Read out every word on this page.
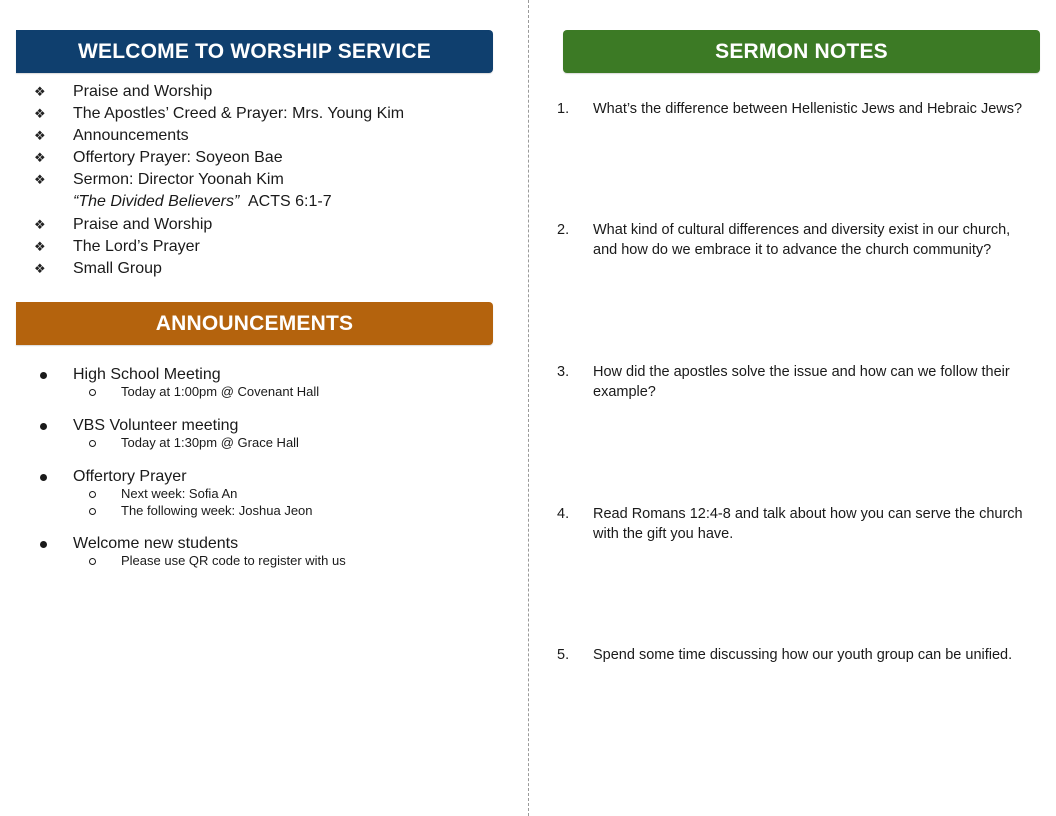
WELCOME TO WORSHIP SERVICE
❖ Praise and Worship
❖ The Apostles’ Creed & Prayer: Mrs. Young Kim
❖ Announcements
❖ Offertory Prayer: Soyeon Bae
❖ Sermon: Director Yoonah Kim
“The Divided Believers” ACTS 6:1-7
❖ Praise and Worship
❖ The Lord’s Prayer
❖ Small Group
ANNOUNCEMENTS
High School Meeting
Today at 1:00pm @ Covenant Hall
VBS Volunteer meeting
Today at 1:30pm @ Grace Hall
Offertory Prayer
Next week: Sofia An
The following week: Joshua Jeon
Welcome new students
Please use QR code to register with us
SERMON NOTES
1.	What’s the difference between Hellenistic Jews and Hebraic Jews?
2.	What kind of cultural differences and diversity exist in our church, and how do we embrace it to advance the church community?
3.	How did the apostles solve the issue and how can we follow their example?
4.	Read Romans 12:4-8 and talk about how you can serve the church with the gift you have.
5.	Spend some time discussing how our youth group can be unified.
